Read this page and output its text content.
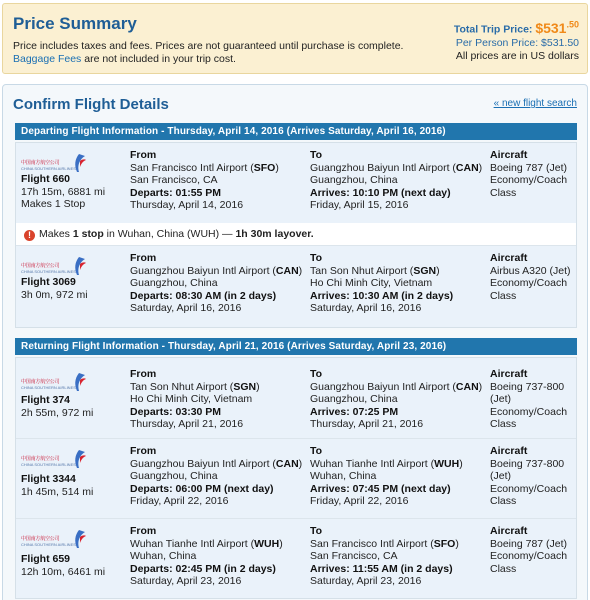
Price Summary
Price includes taxes and fees. Prices are not guaranteed until purchase is complete.
Baggage Fees are not included in your trip cost.
Total Trip Price: $\$531^{.50}$
Per Person Price: $531.50
All prices are in US dollars
Confirm Flight Details	« new flight search
Departing Flight Information - Thursday, April 14, 2016 (Arrives Saturday, April 16, 2016)
中国南方航空公司
CHINA SOUTHERN AIRLINES
Flight 660
17h 15m, 6881 mi
Makes 1 Stop
From
San Francisco Intl Airport (SFO)
San Francisco, CA
Departs: 01:55 PM
Thursday, April 14, 2016
To
Guangzhou Baiyun Intl Airport (CAN)
Guangzhou, China
Arrives: 10:10 PM (next day)
Friday, April 15, 2016
Aircraft
Boeing 787 (Jet)
Economy/Coach
Class
! Makes 1 stop in Wuhan, China (WUH) — 1h 30m layover.
中国南方航空公司
CHINA SOUTHERN AIRLINES
Flight 3069
3h 0m, 972 mi
From
Guangzhou Baiyun Intl Airport (CAN)
Guangzhou, China
Departs: 08:30 AM (in 2 days)
Saturday, April 16, 2016
To
Tan Son Nhut Airport (SGN)
Ho Chi Minh City, Vietnam
Arrives: 10:30 AM (in 2 days)
Saturday, April 16, 2016
Aircraft
Airbus A320 (Jet)
Economy/Coach
Class
Returning Flight Information - Thursday, April 21, 2016 (Arrives Saturday, April 23, 2016)
中国南方航空公司
CHINA SOUTHERN AIRLINES
Flight 374
2h 55m, 972 mi
From
Tan Son Nhut Airport (SGN)
Ho Chi Minh City, Vietnam
Departs: 03:30 PM
Thursday, April 21, 2016
To
Guangzhou Baiyun Intl Airport (CAN)
Guangzhou, China
Arrives: 07:25 PM
Thursday, April 21, 2016
Aircraft
Boeing 737-800
(Jet)
Economy/Coach
Class
中国南方航空公司
CHINA SOUTHERN AIRLINES
Flight 3344
1h 45m, 514 mi
From
Guangzhou Baiyun Intl Airport (CAN)
Guangzhou, China
Departs: 06:00 PM (next day)
Friday, April 22, 2016
To
Wuhan Tianhe Intl Airport (WUH)
Wuhan, China
Arrives: 07:45 PM (next day)
Friday, April 22, 2016
Aircraft
Boeing 737-800
(Jet)
Economy/Coach
Class
中国南方航空公司
CHINA SOUTHERN AIRLINES
Flight 659
12h 10m, 6461 mi
From
Wuhan Tianhe Intl Airport (WUH)
Wuhan, China
Departs: 02:45 PM (in 2 days)
Saturday, April 23, 2016
To
San Francisco Intl Airport (SFO)
San Francisco, CA
Arrives: 11:55 AM (in 2 days)
Saturday, April 23, 2016
Aircraft
Boeing 787 (Jet)
Economy/Coach
Class
